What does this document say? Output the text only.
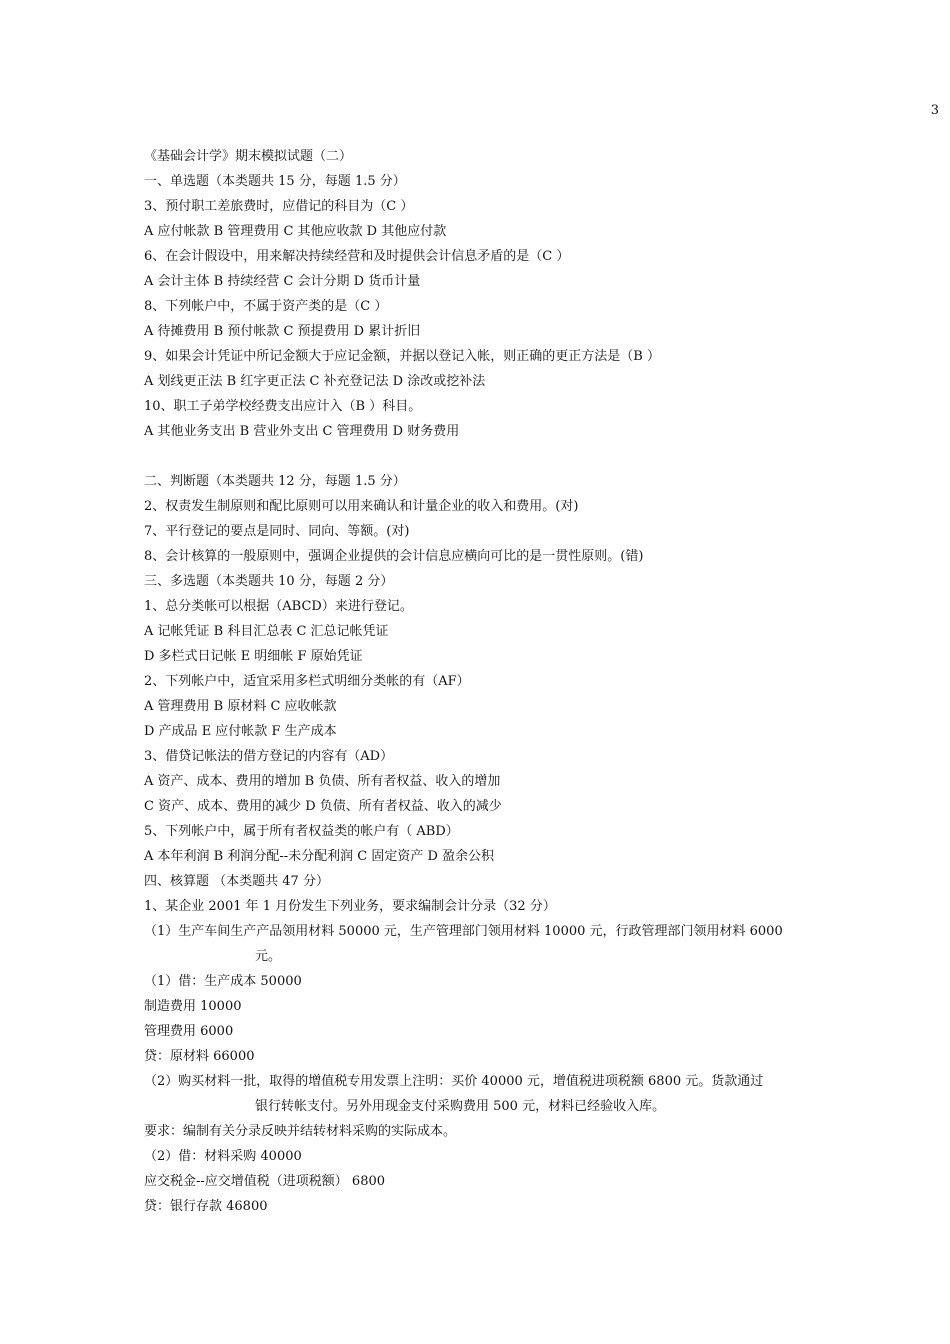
3
《基础会计学》期末模拟试题（二）
一、单选题（本类题共 15 分，每题 1.5 分）
3、预付职工差旅费时，应借记的科目为（C ）
A 应付帐款 B 管理费用 C 其他应收款 D 其他应付款
6、在会计假设中，用来解决持续经营和及时提供会计信息矛盾的是（C ）
A 会计主体 B 持续经营 C 会计分期 D 货币计量
8、下列帐户中，不属于资产类的是（C ）
A 待摊费用 B 预付帐款 C 预提费用 D 累计折旧
9、如果会计凭证中所记金额大于应记金额，并据以登记入帐，则正确的更正方法是（B ）
A 划线更正法 B 红字更正法 C 补充登记法 D 涂改或挖补法
10、职工子弟学校经费支出应计入（B ）科目。
A 其他业务支出 B 营业外支出 C 管理费用 D 财务费用
二、判断题（本类题共 12 分，每题 1.5 分）
2、权责发生制原则和配比原则可以用来确认和计量企业的收入和费用。(对)
7、平行登记的要点是同时、同向、等额。(对)
8、会计核算的一般原则中，强调企业提供的会计信息应横向可比的是一贯性原则。(错)
三、多选题（本类题共 10 分，每题 2 分）
1、总分类帐可以根据（ABCD）来进行登记。
A 记帐凭证 B 科目汇总表 C 汇总记帐凭证
D 多栏式日记帐 E 明细帐 F 原始凭证
2、下列帐户中，适宜采用多栏式明细分类帐的有（AF）
A 管理费用 B 原材料 C 应收帐款
D 产成品 E 应付帐款 F 生产成本
3、借贷记帐法的借方登记的内容有（AD）
A 资产、成本、费用的增加 B 负债、所有者权益、收入的增加
C 资产、成本、费用的减少 D 负债、所有者权益、收入的减少
5、下列帐户中，属于所有者权益类的帐户有（ ABD）
A 本年利润 B 利润分配--未分配利润 C 固定资产 D 盈余公积
四、核算题 （本类题共 47 分）
1、某企业 2001 年 1 月份发生下列业务，要求编制会计分录（32 分）
（1）生产车间生产产品领用材料 50000 元，生产管理部门领用材料 10000 元，行政管理部门领用材料 6000
元。
（1）借：生产成本 50000
制造费用 10000
管理费用 6000
贷：原材料 66000
（2）购买材料一批，取得的增值税专用发票上注明：买价 40000 元，增值税进项税额 6800 元。货款通过
银行转帐支付。另外用现金支付采购费用 500 元，材料已经验收入库。
要求：编制有关分录反映并结转材料采购的实际成本。
（2）借：材料采购 40000
应交税金--应交增值税（进项税额） 6800
贷：银行存款 46800
